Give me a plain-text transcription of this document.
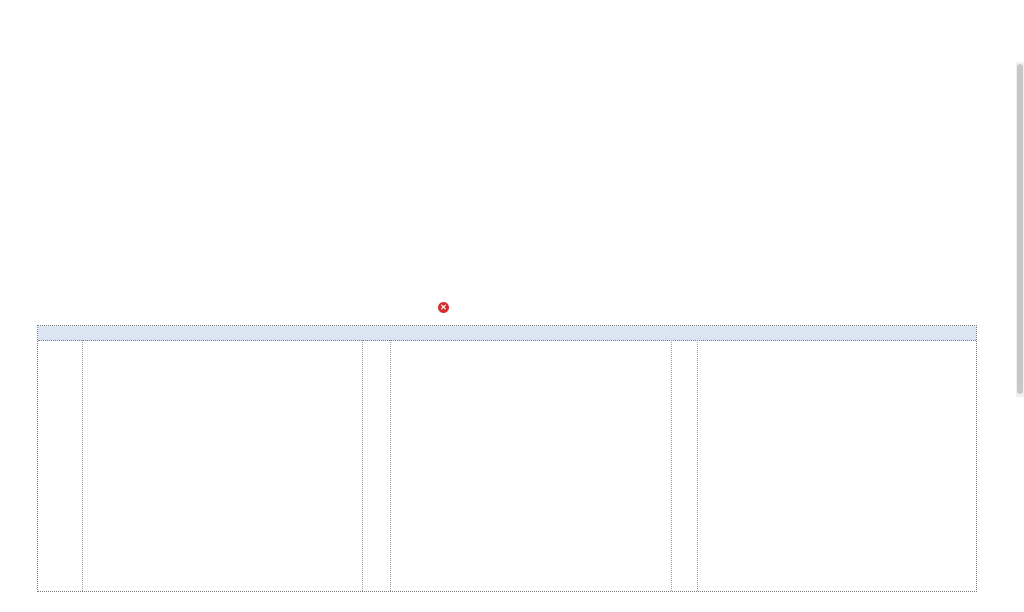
✕
